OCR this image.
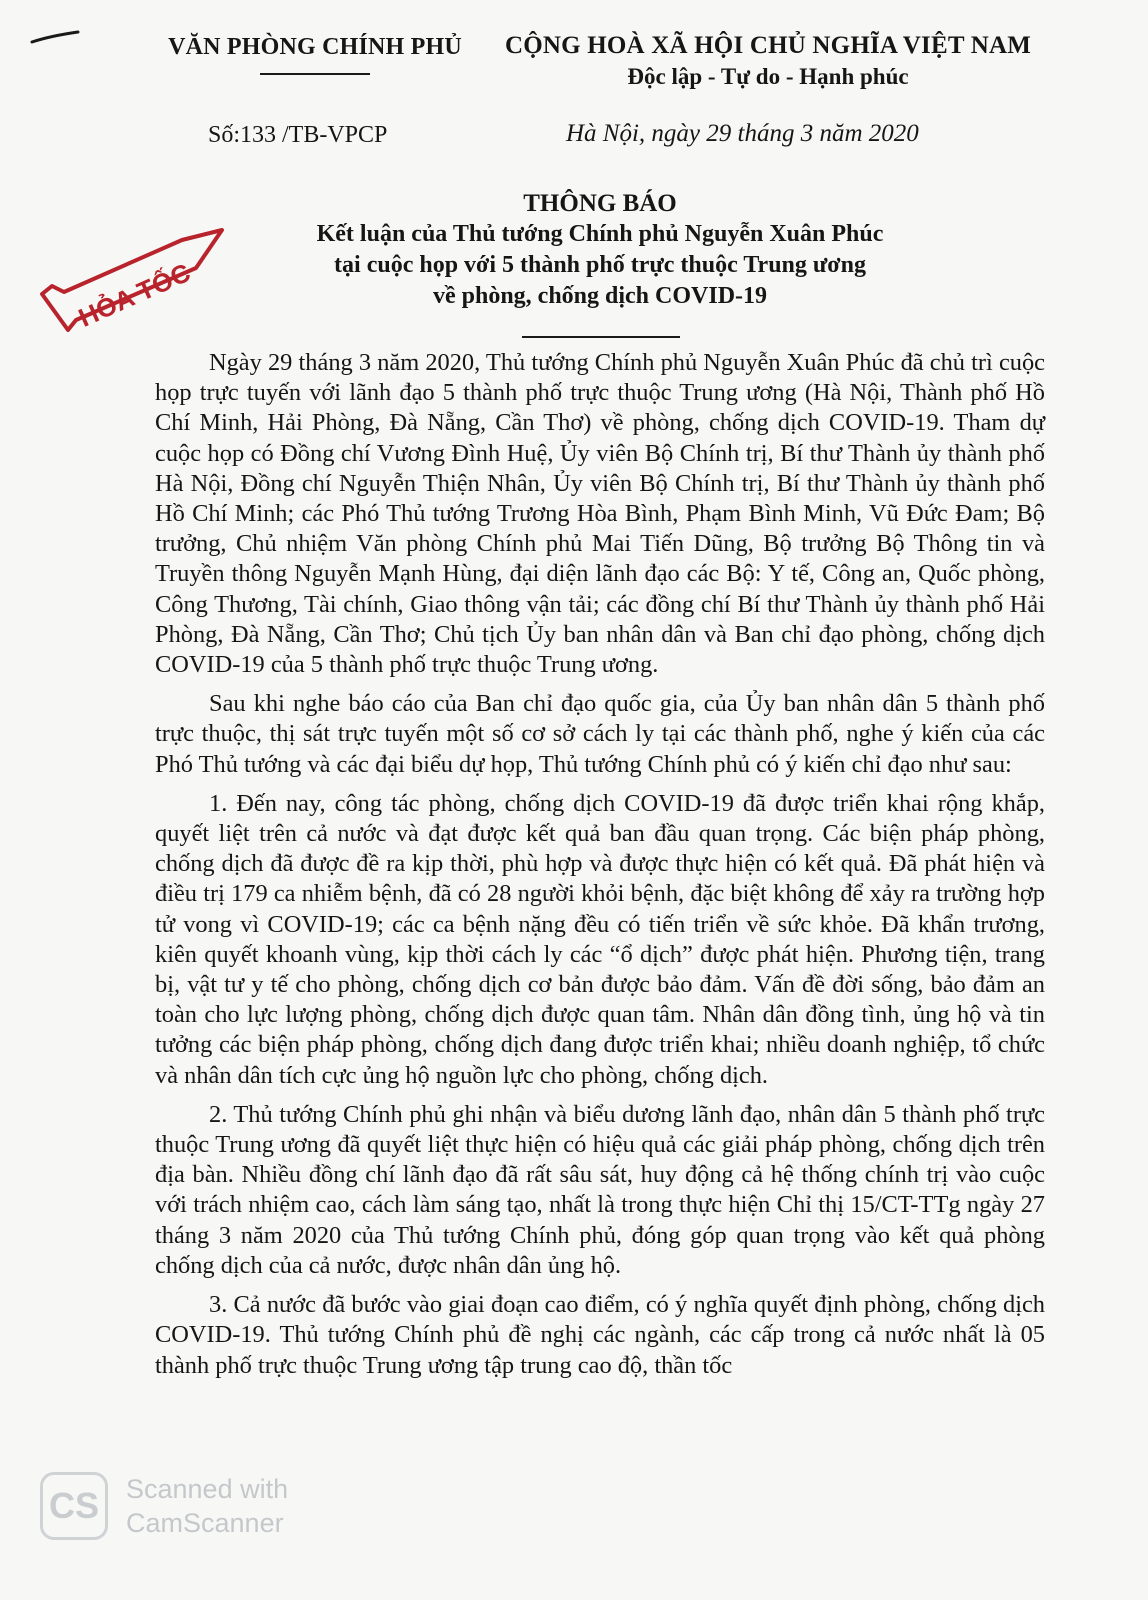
VĂN PHÒNG CHÍNH PHỦ	CỘNG HOÀ XÃ HỘI CHỦ NGHĨA VIỆT NAM
Độc lập - Tự do - Hạnh phúc
Số:133 /TB-VPCP	Hà Nội, ngày 29 tháng 3 năm 2020
HỎA TỐC
THÔNG BÁO
Kết luận của Thủ tướng Chính phủ Nguyễn Xuân Phúc
tại cuộc họp với 5 thành phố trực thuộc Trung ương
về phòng, chống dịch COVID-19

Ngày 29 tháng 3 năm 2020, Thủ tướng Chính phủ Nguyễn Xuân Phúc đã chủ trì cuộc họp trực tuyến với lãnh đạo 5 thành phố trực thuộc Trung ương (Hà Nội, Thành phố Hồ Chí Minh, Hải Phòng, Đà Nẵng, Cần Thơ) về phòng, chống dịch COVID-19. Tham dự cuộc họp có Đồng chí Vương Đình Huệ, Ủy viên Bộ Chính trị, Bí thư Thành ủy thành phố Hà Nội, Đồng chí Nguyễn Thiện Nhân, Ủy viên Bộ Chính trị, Bí thư Thành ủy thành phố Hồ Chí Minh; các Phó Thủ tướng Trương Hòa Bình, Phạm Bình Minh, Vũ Đức Đam; Bộ trưởng, Chủ nhiệm Văn phòng Chính phủ Mai Tiến Dũng, Bộ trưởng Bộ Thông tin và Truyền thông Nguyễn Mạnh Hùng, đại diện lãnh đạo các Bộ: Y tế, Công an, Quốc phòng, Công Thương, Tài chính, Giao thông vận tải; các đồng chí Bí thư Thành ủy thành phố Hải Phòng, Đà Nẵng, Cần Thơ; Chủ tịch Ủy ban nhân dân và Ban chỉ đạo phòng, chống dịch COVID-19 của 5 thành phố trực thuộc Trung ương.

Sau khi nghe báo cáo của Ban chỉ đạo quốc gia, của Ủy ban nhân dân 5 thành phố trực thuộc, thị sát trực tuyến một số cơ sở cách ly tại các thành phố, nghe ý kiến của các Phó Thủ tướng và các đại biểu dự họp, Thủ tướng Chính phủ có ý kiến chỉ đạo như sau:

1. Đến nay, công tác phòng, chống dịch COVID-19 đã được triển khai rộng khắp, quyết liệt trên cả nước và đạt được kết quả ban đầu quan trọng. Các biện pháp phòng, chống dịch đã được đề ra kịp thời, phù hợp và được thực hiện có kết quả. Đã phát hiện và điều trị 179 ca nhiễm bệnh, đã có 28 người khỏi bệnh, đặc biệt không để xảy ra trường hợp tử vong vì COVID-19; các ca bệnh nặng đều có tiến triển về sức khỏe. Đã khẩn trương, kiên quyết khoanh vùng, kịp thời cách ly các “ổ dịch” được phát hiện. Phương tiện, trang bị, vật tư y tế cho phòng, chống dịch cơ bản được bảo đảm. Vấn đề đời sống, bảo đảm an toàn cho lực lượng phòng, chống dịch được quan tâm. Nhân dân đồng tình, ủng hộ và tin tưởng các biện pháp phòng, chống dịch đang được triển khai; nhiều doanh nghiệp, tổ chức và nhân dân tích cực ủng hộ nguồn lực cho phòng, chống dịch.

2. Thủ tướng Chính phủ ghi nhận và biểu dương lãnh đạo, nhân dân 5 thành phố trực thuộc Trung ương đã quyết liệt thực hiện có hiệu quả các giải pháp phòng, chống dịch trên địa bàn. Nhiều đồng chí lãnh đạo đã rất sâu sát, huy động cả hệ thống chính trị vào cuộc với trách nhiệm cao, cách làm sáng tạo, nhất là trong thực hiện Chỉ thị 15/CT-TTg ngày 27 tháng 3 năm 2020 của Thủ tướng Chính phủ, đóng góp quan trọng vào kết quả phòng chống dịch của cả nước, được nhân dân ủng hộ.

3. Cả nước đã bước vào giai đoạn cao điểm, có ý nghĩa quyết định phòng, chống dịch COVID-19. Thủ tướng Chính phủ đề nghị các ngành, các cấp trong cả nước nhất là 05 thành phố trực thuộc Trung ương tập trung cao độ, thần tốc

CS	Scanned with
CamScanner
